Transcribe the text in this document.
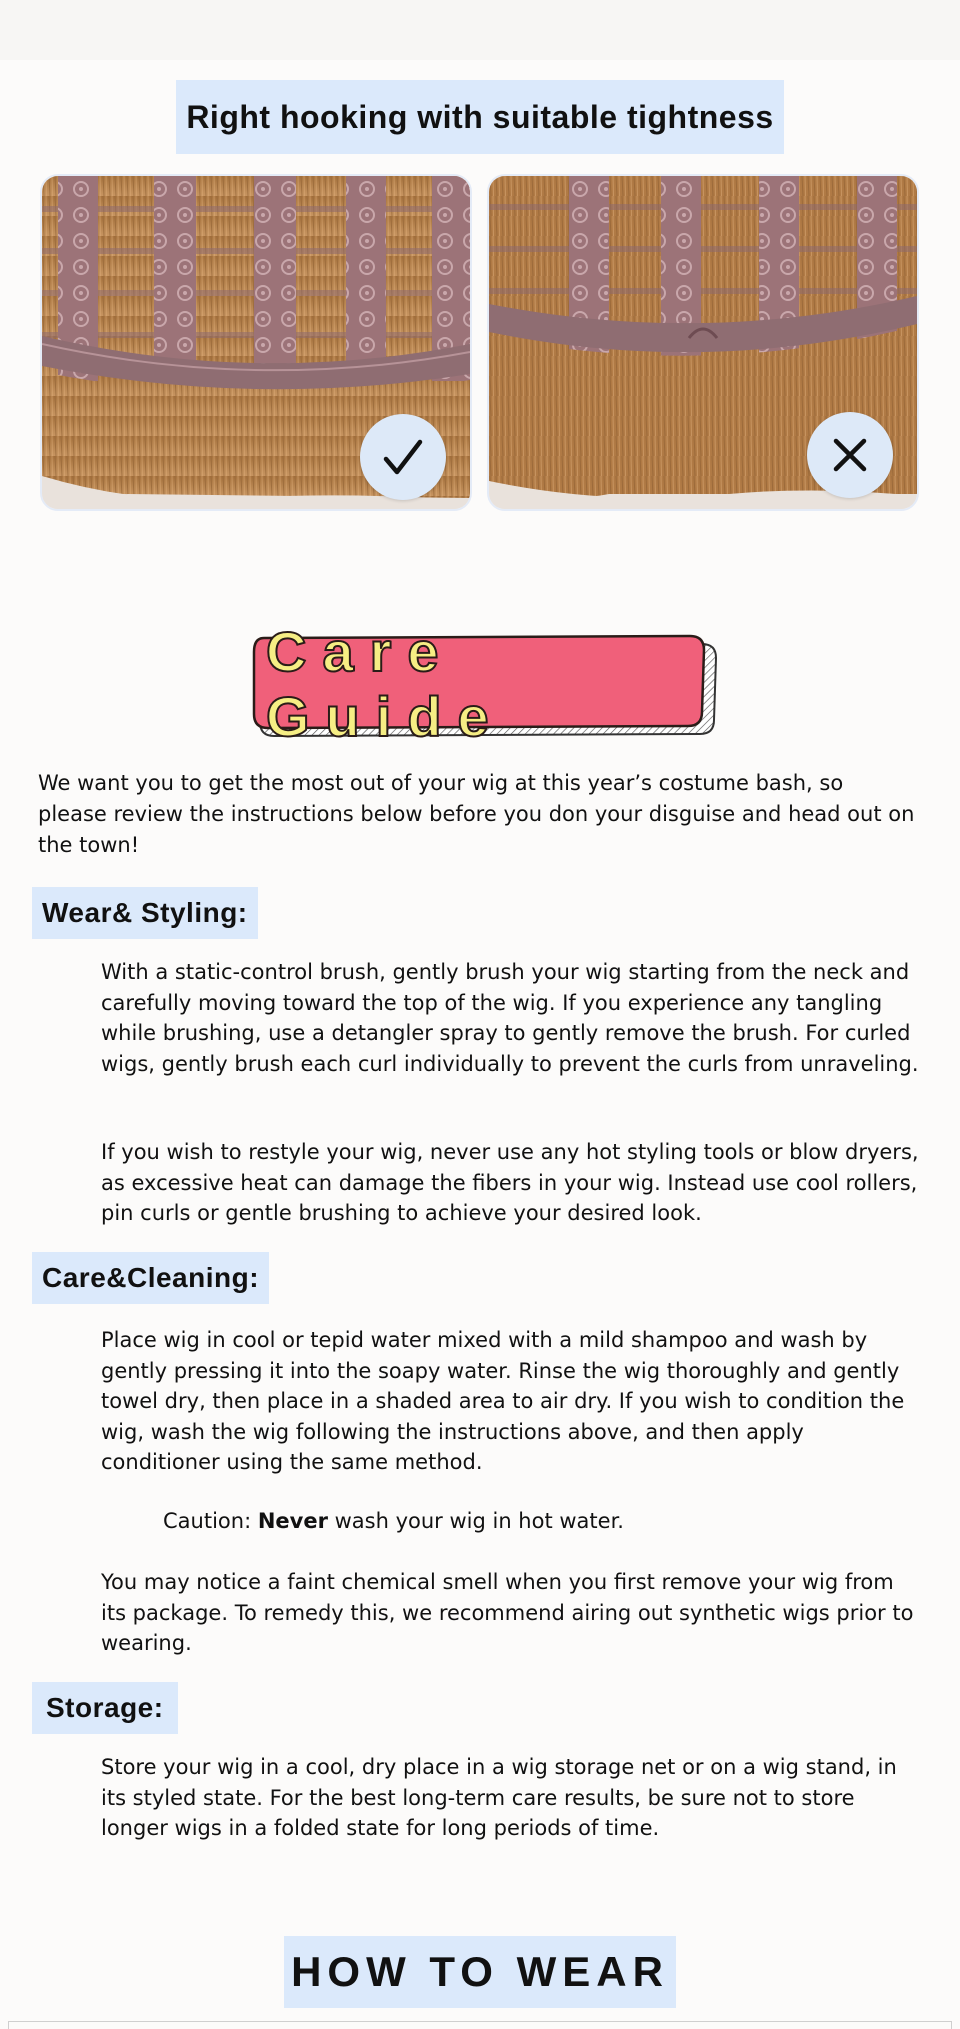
Right hooking with suitable tightness
Care Guide
We want you to get the most out of your wig at this year’s costume bash, so please review the instructions below before you don your disguise and head out on the town!
Wear& Styling:

With a static-control brush, gently brush your wig starting from the neck and carefully moving toward the top of the wig. If you experience any tangling while brushing, use a detangler spray to gently remove the brush. For curled wigs, gently brush each curl individually to prevent the curls from unraveling.

If you wish to restyle your wig, never use any hot styling tools or blow dryers, as excessive heat can damage the fibers in your wig. Instead use cool rollers, pin curls or gentle brushing to achieve your desired look.

Care&Cleaning:

Place wig in cool or tepid water mixed with a mild shampoo and wash by gently pressing it into the soapy water. Rinse the wig thoroughly and gently towel dry, then place in a shaded area to air dry. If you wish to condition the wig, wash the wig following the instructions above, and then apply conditioner using the same method.

Caution: Never wash your wig in hot water.

You may notice a faint chemical smell when you first remove your wig from its package. To remedy this, we recommend airing out synthetic wigs prior to wearing.

Storage:

Store your wig in a cool, dry place in a wig storage net or on a wig stand, in its styled state. For the best long-term care results, be sure not to store longer wigs in a folded state for long periods of time.

HOW TO WEAR
